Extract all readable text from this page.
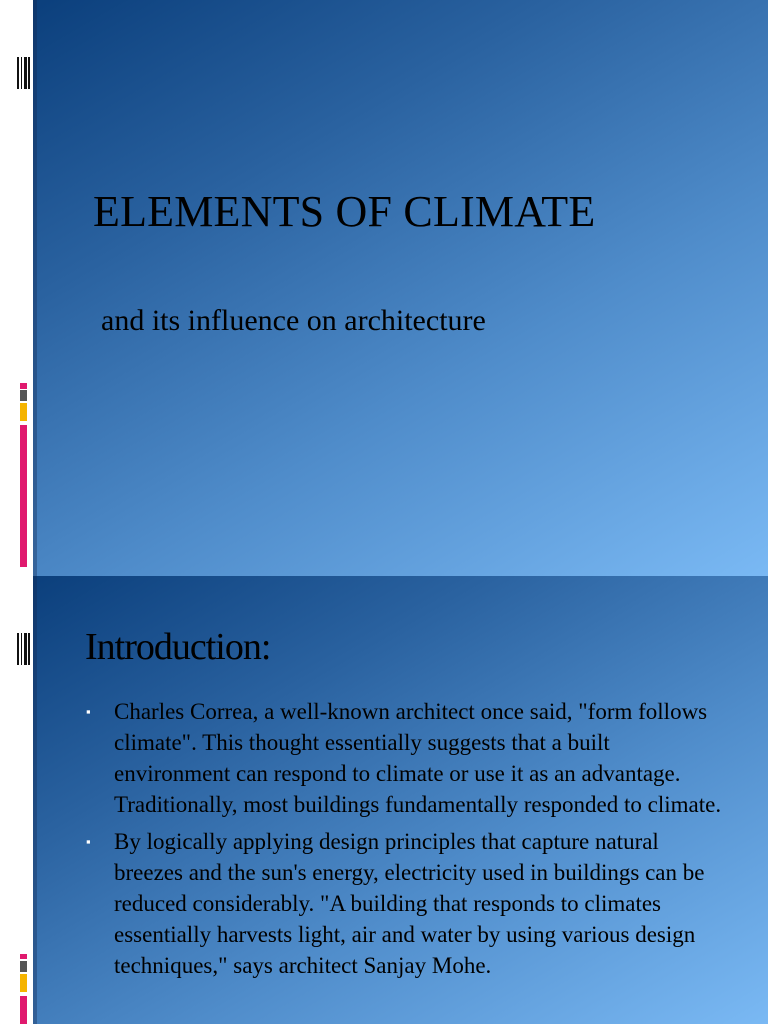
ELEMENTS OF CLIMATE
and its influence on architecture
Introduction:
▪ Charles Correa, a well-known architect once said, "form follows climate". This thought essentially suggests that a built environment can respond to climate or use it as an advantage. Traditionally, most buildings fundamentally responded to climate.
▪ By logically applying design principles that capture natural breezes and the sun's energy, electricity used in buildings can be reduced considerably. "A building that responds to climates essentially harvests light, air and water by using various design techniques," says architect Sanjay Mohe.
